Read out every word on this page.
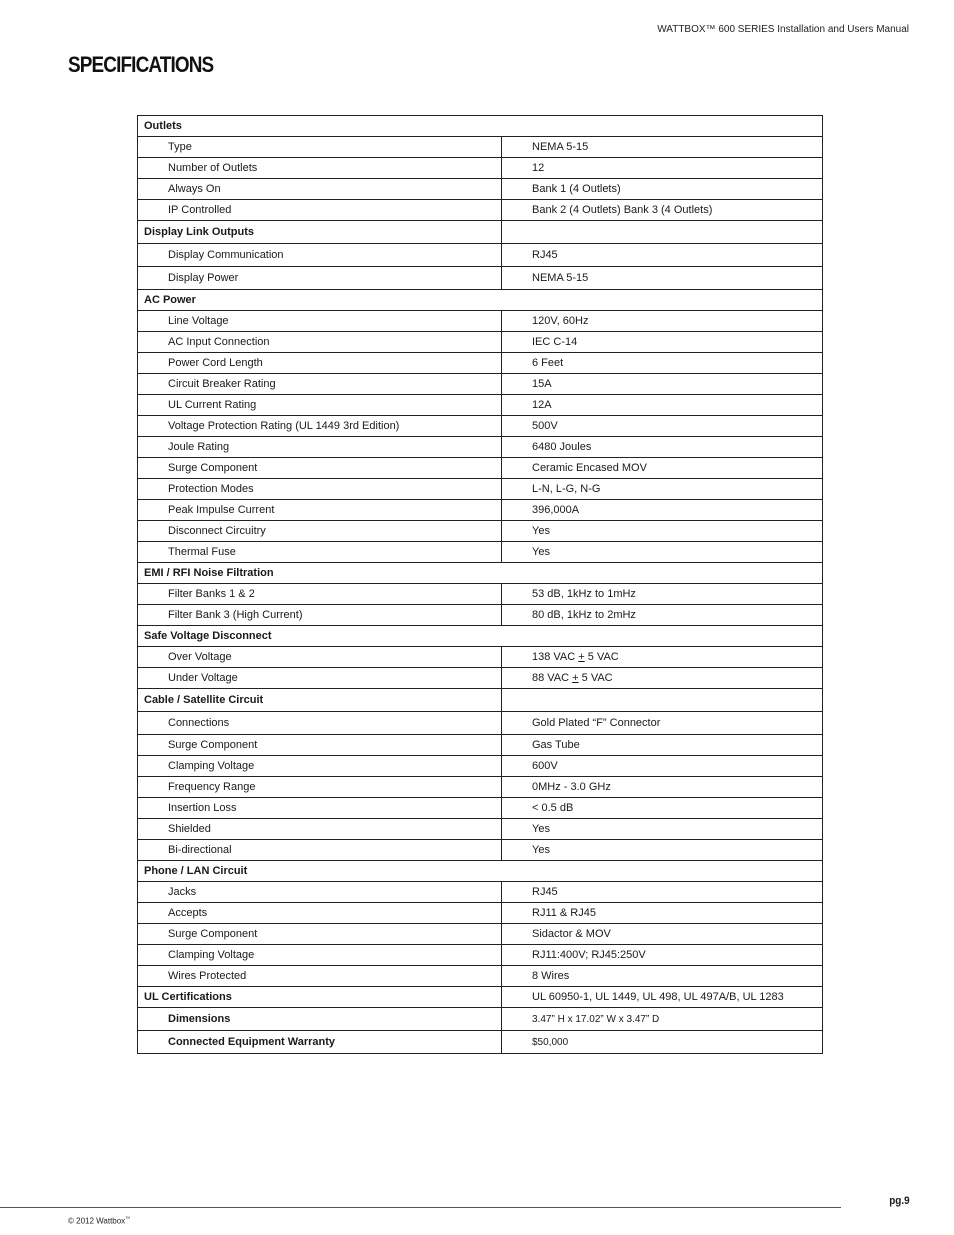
WATTBOX™ 600 SERIES Installation and Users Manual
SPECIFICATIONS
Outlets	
Type	NEMA 5-15
Number of Outlets	12
Always On	Bank 1 (4 Outlets)
IP Controlled	Bank 2 (4 Outlets) Bank 3 (4 Outlets)
Display Link Outputs	
Display Communication	RJ45
Display Power	NEMA 5-15
AC Power	
Line Voltage	120V, 60Hz
AC Input Connection	IEC C-14
Power Cord Length	6 Feet
Circuit Breaker Rating	15A
UL Current Rating	12A
Voltage Protection Rating (UL 1449 3rd Edition)	500V
Joule Rating	6480 Joules
Surge Component	Ceramic Encased MOV
Protection Modes	L-N, L-G, N-G
Peak Impulse Current	396,000A
Disconnect Circuitry	Yes
Thermal Fuse	Yes
EMI / RFI Noise Filtration	
Filter Banks 1 & 2	53 dB, 1kHz to 1mHz
Filter Bank 3 (High Current)	80 dB, 1kHz to 2mHz
Safe Voltage Disconnect	
Over Voltage	138 VAC + 5 VAC
Under Voltage	88 VAC + 5 VAC
Cable / Satellite Circuit	
Connections	Gold Plated “F” Connector
Surge Component	Gas Tube
Clamping Voltage	600V
Frequency Range	0MHz - 3.0 GHz
Insertion Loss	< 0.5 dB
Shielded	Yes
Bi-directional	Yes
Phone / LAN Circuit	
Jacks	RJ45
Accepts	RJ11 & RJ45
Surge Component	Sidactor & MOV
Clamping Voltage	RJ11:400V; RJ45:250V
Wires Protected	8 Wires
UL Certifications	UL 60950-1, UL 1449, UL 498, UL 497A/B, UL 1283
Dimensions	3.47” H x 17.02” W x 3.47” D
Connected Equipment Warranty	$50,000
pg.9
© 2012 Wattbox™
